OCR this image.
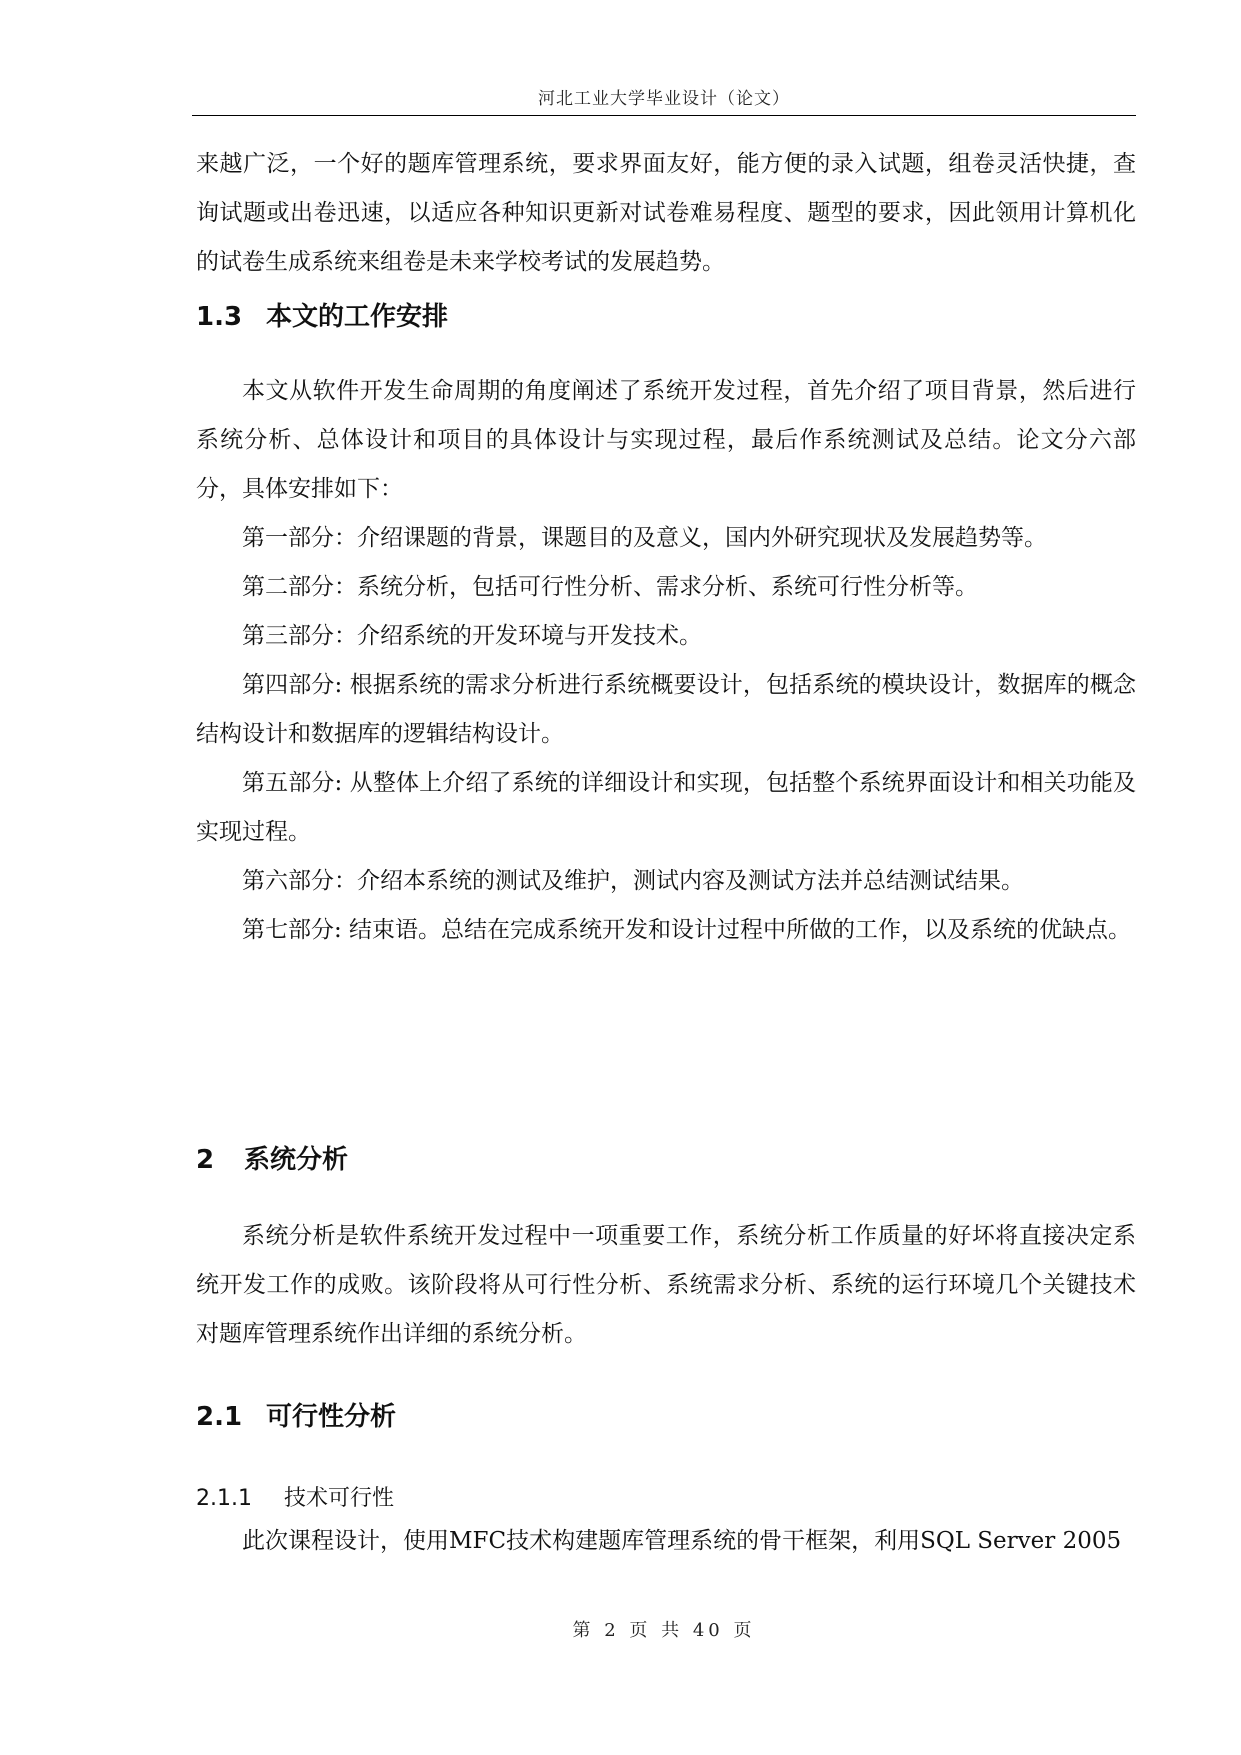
河北工业大学毕业设计（论文）

来越广泛，一个好的题库管理系统，要求界面友好，能方便的录入试题，组卷灵活快捷，查询试题或出卷迅速，以适应各种知识更新对试卷难易程度、题型的要求，因此领用计算机化的试卷生成系统来组卷是未来学校考试的发展趋势。

1.3 本文的工作安排

本文从软件开发生命周期的角度阐述了系统开发过程，首先介绍了项目背景，然后进行系统分析、总体设计和项目的具体设计与实现过程，最后作系统测试及总结。论文分六部分，具体安排如下：

第一部分：介绍课题的背景，课题目的及意义，国内外研究现状及发展趋势等。

第二部分：系统分析，包括可行性分析、需求分析、系统可行性分析等。

第三部分：介绍系统的开发环境与开发技术。

第四部分: 根据系统的需求分析进行系统概要设计，包括系统的模块设计，数据库的概念结构设计和数据库的逻辑结构设计。

第五部分: 从整体上介绍了系统的详细设计和实现，包括整个系统界面设计和相关功能及实现过程。

第六部分：介绍本系统的测试及维护，测试内容及测试方法并总结测试结果。

第七部分: 结束语。总结在完成系统开发和设计过程中所做的工作，以及系统的优缺点。

2 系统分析

系统分析是软件系统开发过程中一项重要工作，系统分析工作质量的好坏将直接决定系统开发工作的成败。该阶段将从可行性分析、系统需求分析、系统的运行环境几个关键技术对题库管理系统作出详细的系统分析。

2.1 可行性分析
2.1.1 技术可行性

此次课程设计，使用MFC技术构建题库管理系统的骨干框架，利用SQL Server 2005

第 2 页 共 40 页
